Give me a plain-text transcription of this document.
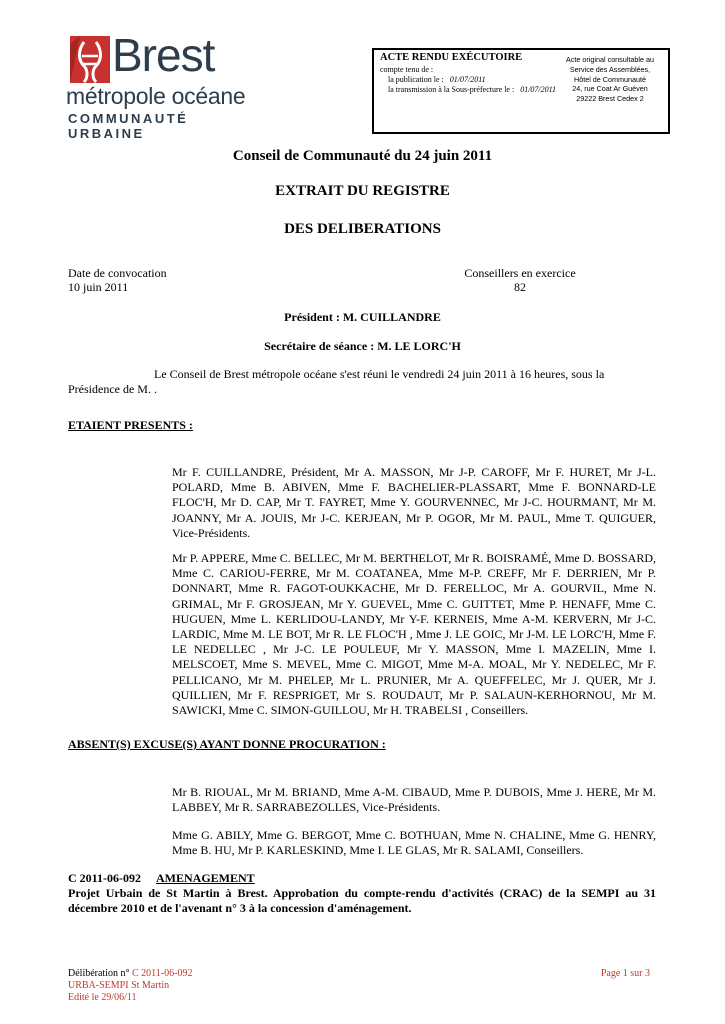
Brest
métropole océane
COMMUNAUTÉ URBAINE
ACTE RENDU EXÉCUTOIRE
compte tenu de :
la publication le : 01/07/2011
la transmission à la Sous-préfecture le : 01/07/2011
Acte original consultable au
Service des Assemblées,
Hôtel de Communauté
24, rue Coat Ar Guéven
29222 Brest Cedex 2
Conseil de Communauté du 24 juin 2011
EXTRAIT DU REGISTRE
DES DELIBERATIONS
Date de convocation
10 juin 2011
Conseillers en exercice
82
Président : M. CUILLANDRE
Secrétaire de séance : M. LE LORC'H
Le Conseil de Brest métropole océane s'est réuni le vendredi 24 juin 2011 à 16 heures, sous la
Présidence de M. .
ETAIENT PRESENTS :
Mr F. CUILLANDRE, Président, Mr A. MASSON, Mr J-P. CAROFF, Mr F. HURET, Mr J-L. POLARD, Mme B. ABIVEN, Mme F. BACHELIER-PLASSART, Mme F. BONNARD-LE FLOC'H, Mr D. CAP, Mr T. FAYRET, Mme Y. GOURVENNEC, Mr J-C. HOURMANT, Mr M. JOANNY, Mr A. JOUIS, Mr J-C. KERJEAN, Mr P. OGOR, Mr M. PAUL, Mme T. QUIGUER, Vice-Présidents.
Mr P. APPERE, Mme C. BELLEC, Mr M. BERTHELOT, Mr R. BOISRAMÉ, Mme D. BOSSARD, Mme C. CARIOU-FERRE, Mr M. COATANEA, Mme M-P. CREFF, Mr F. DERRIEN, Mr P. DONNART, Mme R. FAGOT-OUKKACHE, Mr D. FERELLOC, Mr A. GOURVIL, Mme N. GRIMAL, Mr F. GROSJEAN, Mr Y. GUEVEL, Mme C. GUITTET, Mme P. HENAFF, Mme C. HUGUEN, Mme L. KERLIDOU-LANDY, Mr Y-F. KERNEIS, Mme A-M. KERVERN, Mr J-C. LARDIC, Mme M. LE BOT, Mr R. LE FLOC'H , Mme J. LE GOIC, Mr J-M. LE LORC'H, Mme F. LE NEDELLEC , Mr J-C. LE POULEUF, Mr Y. MASSON, Mme I. MAZELIN, Mme I. MELSCOET, Mme S. MEVEL, Mme C. MIGOT, Mme M-A. MOAL, Mr Y. NEDELEC, Mr F. PELLICANO, Mr M. PHELEP, Mr L. PRUNIER, Mr A. QUEFFELEC, Mr J. QUER, Mr J. QUILLIEN, Mr F. RESPRIGET, Mr S. ROUDAUT, Mr P. SALAUN-KERHORNOU, Mr M. SAWICKI, Mme C. SIMON-GUILLOU, Mr H. TRABELSI , Conseillers.
ABSENT(S) EXCUSE(S) AYANT DONNE PROCURATION :
Mr B. RIOUAL, Mr M. BRIAND, Mme A-M. CIBAUD, Mme P. DUBOIS, Mme J. HERE, Mr M. LABBEY, Mr R. SARRABEZOLLES, Vice-Présidents.
Mme G. ABILY, Mme G. BERGOT, Mme C. BOTHUAN, Mme N. CHALINE, Mme G. HENRY, Mme B. HU, Mr P. KARLESKIND, Mme I. LE GLAS, Mr R. SALAMI, Conseillers.
C 2011-06-092 AMENAGEMENT
Projet Urbain de St Martin à Brest. Approbation du compte-rendu d'activités (CRAC) de la SEMPI au 31 décembre 2010 et de l'avenant n° 3 à la concession d'aménagement.
Délibération n° C 2011-06-092
URBA-SEMPI St Martin
Edité le 29/06/11
Page 1 sur 3
